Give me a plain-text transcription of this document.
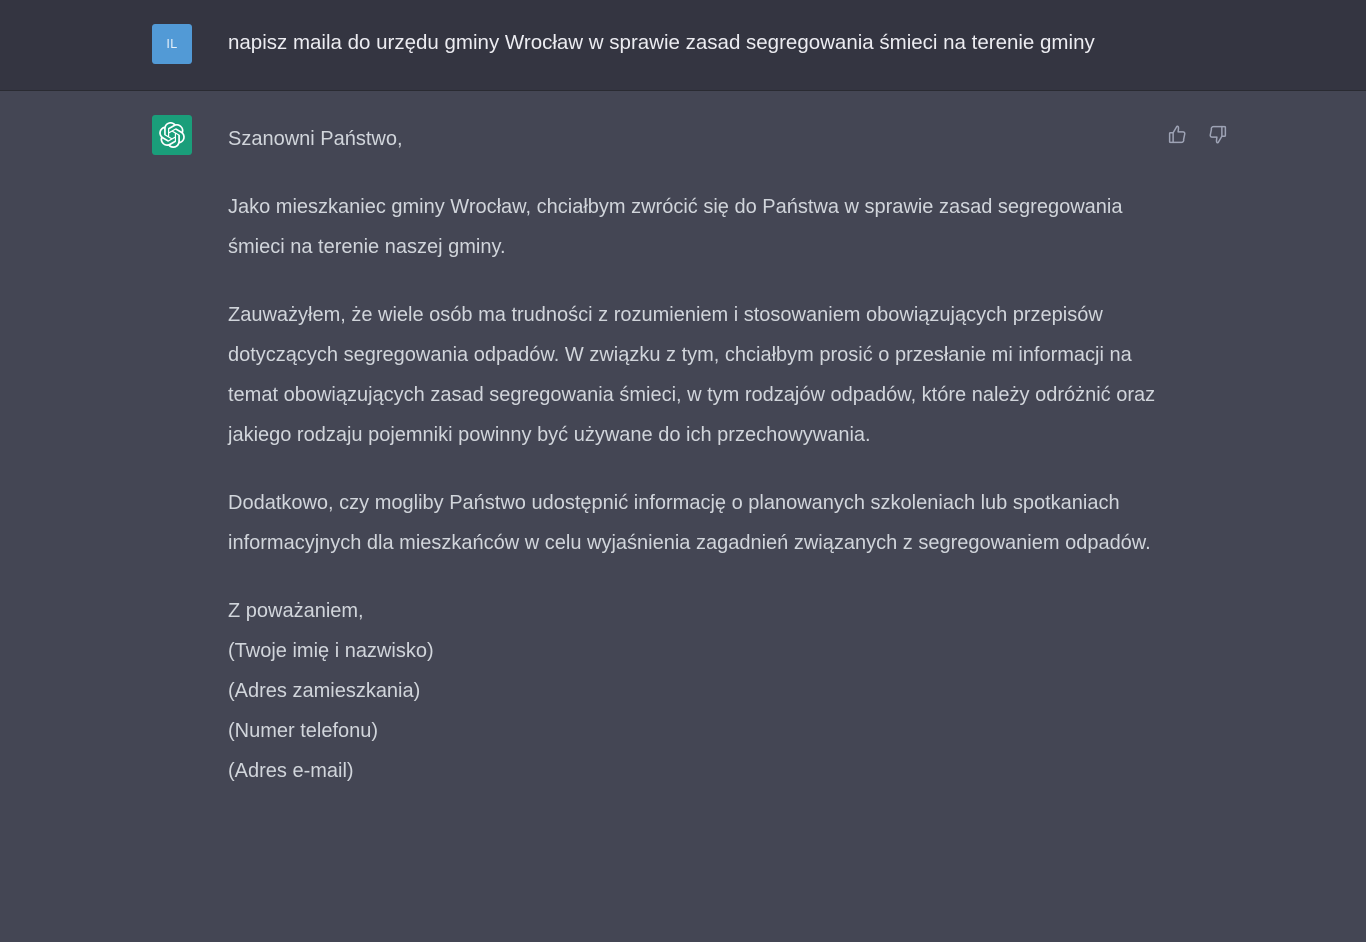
IL napisz maila do urzędu gminy Wrocław w sprawie zasad segregowania śmieci na terenie gminy

Szanowni Państwo,

Jako mieszkaniec gminy Wrocław, chciałbym zwrócić się do Państwa w sprawie zasad segregowania śmieci na terenie naszej gminy.

Zauważyłem, że wiele osób ma trudności z rozumieniem i stosowaniem obowiązujących przepisów dotyczących segregowania odpadów. W związku z tym, chciałbym prosić o przesłanie mi informacji na temat obowiązujących zasad segregowania śmieci, w tym rodzajów odpadów, które należy odróżnić oraz jakiego rodzaju pojemniki powinny być używane do ich przechowywania.

Dodatkowo, czy mogliby Państwo udostępnić informację o planowanych szkoleniach lub spotkaniach informacyjnych dla mieszkańców w celu wyjaśnienia zagadnień związanych z segregowaniem odpadów.

Z poważaniem,

(Twoje imię i nazwisko)

(Adres zamieszkania)

(Numer telefonu)

(Adres e-mail)
